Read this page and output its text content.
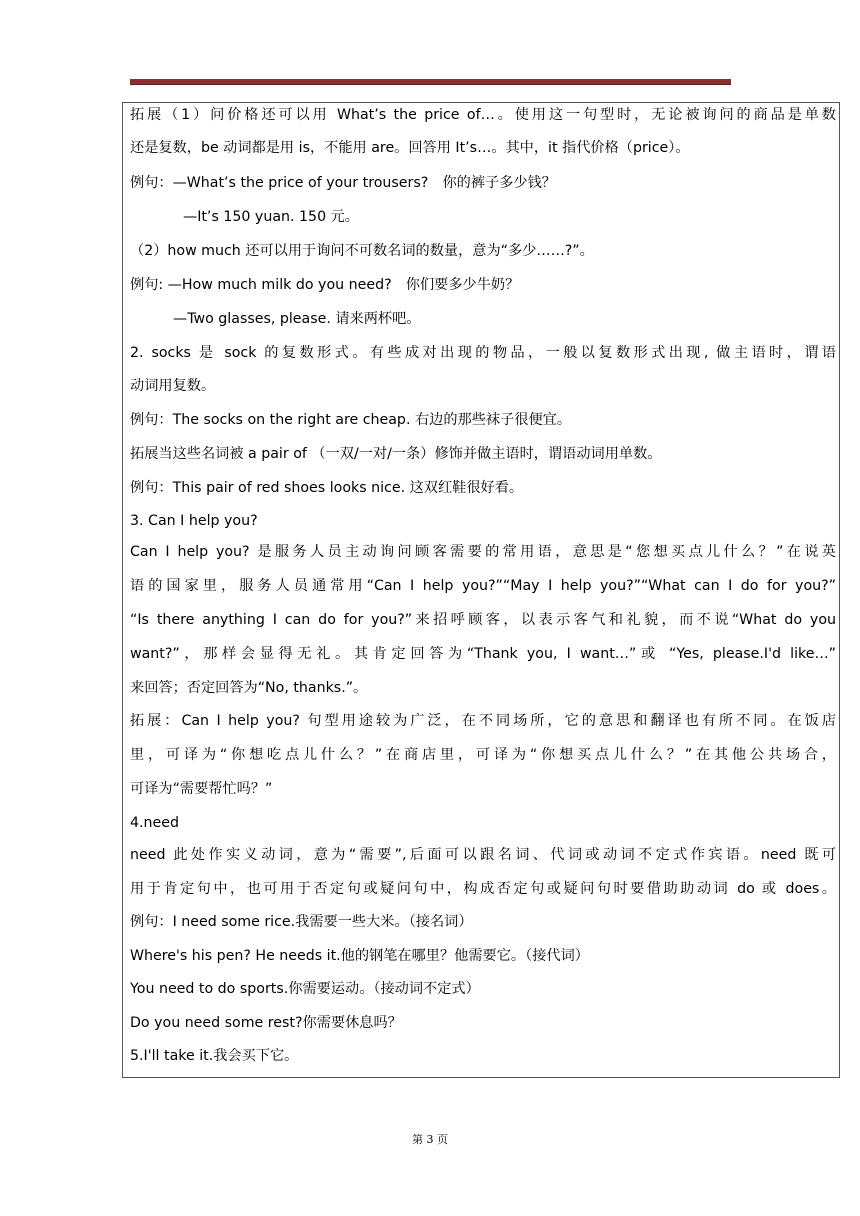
拓展（1）问价格还可以用 What’s the price of…。使用这一句型时，无论被询问的商品是单数
还是复数，be 动词都是用 is，不能用 are。回答用 It’s…。其中，it 指代价格（price）。
例句：—What’s the price of your trousers?　你的裤子多少钱？
—It’s 150 yuan. 150 元。
（2）how much 还可以用于询问不可数名词的数量，意为“多少……?”。
例句: —How much milk do you need?　你们要多少牛奶？
—Two glasses, please. 请来两杯吧。
2. socks 是 sock 的复数形式。有些成对出现的物品，一般以复数形式出现, 做主语时，谓语
动词用复数。
例句：The socks on the right are cheap. 右边的那些袜子很便宜。
拓展当这些名词被 a pair of （一双/一对/一条）修饰并做主语时，谓语动词用单数。
例句：This pair of red shoes looks nice. 这双红鞋很好看。
3. Can I help you?
Can I help you? 是服务人员主动询问顾客需要的常用语，意思是“您想买点儿什么？”在说英
语的国家里，服务人员通常用“Can I help you?”“May I help you?”“What can I do for you?”
“Is there anything I can do for you?”来招呼顾客，以表示客气和礼貌，而不说“What do you
want?”，那样会显得无礼。其肯定回答为“Thank you, I want…”或 “Yes, please.I'd like…”
来回答；否定回答为“No, thanks.”。
拓展：Can I help you? 句型用途较为广泛，在不同场所，它的意思和翻译也有所不同。在饭店
里，可译为“你想吃点儿什么？”在商店里，可译为“你想买点儿什么？”在其他公共场合，
可译为“需要帮忙吗？”
4.need
need 此处作实义动词，意为“需要”,后面可以跟名词、代词或动词不定式作宾语。need 既可
用于肯定句中，也可用于否定句或疑问句中，构成否定句或疑问句时要借助助动词 do 或 does。
例句：I need some rice.我需要一些大米。（接名词）
Where's his pen? He needs it.他的钢笔在哪里？他需要它。（接代词）
You need to do sports.你需要运动。（接动词不定式）
Do you need some rest?你需要休息吗？
5.I'll take it.我会买下它。
第 3 页
